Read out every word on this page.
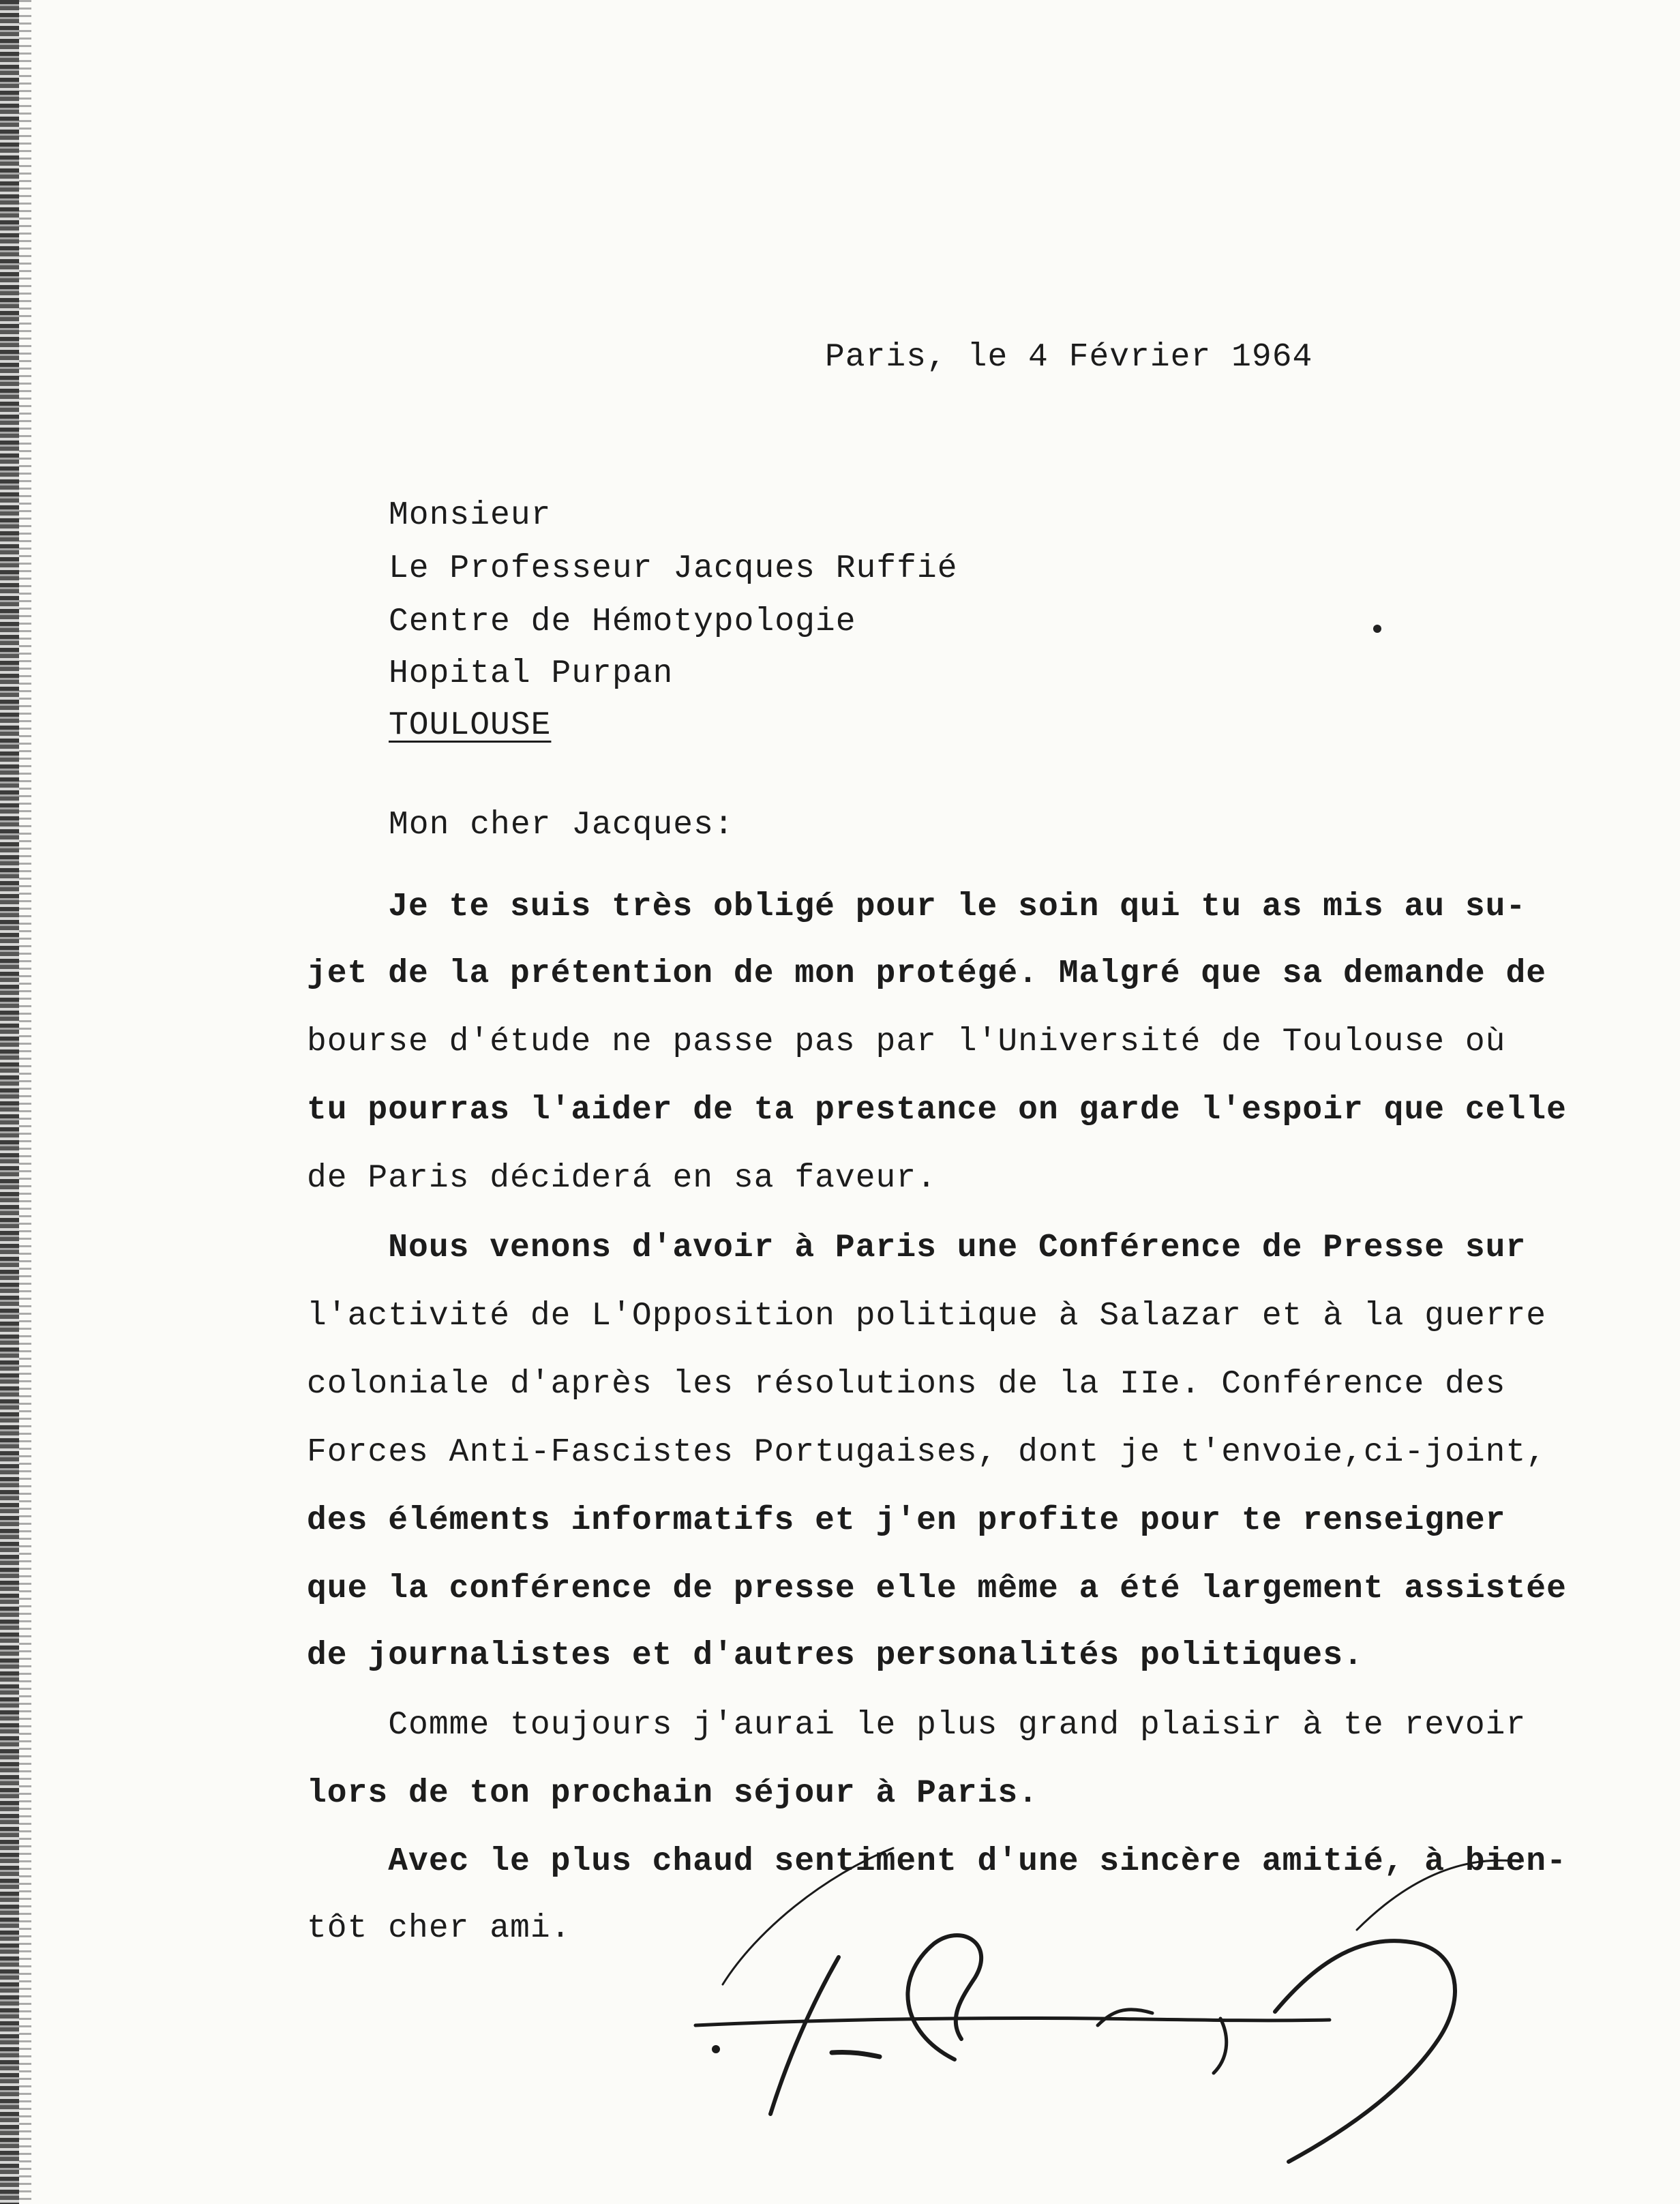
Paris, le 4 Février 1964
Monsieur
Le Professeur Jacques Ruffié
Centre de Hémotypologie
Hopital Purpan
TOULOUSE
Mon cher Jacques:
Je te suis très obligé pour le soin qui tu as mis au su-
jet de la prétention de mon protégé. Malgré que sa demande de
bourse d'étude ne passe pas par l'Université de Toulouse où
tu pourras l'aider de ta prestance on garde l'espoir que celle
de Paris déciderá en sa faveur.
Nous venons d'avoir à Paris une Conférence de Presse sur
l'activité de L'Opposition politique à Salazar et à la guerre
coloniale d'après les résolutions de la IIe. Conférence des
Forces Anti-Fascistes Portugaises, dont je t'envoie,ci-joint,
des éléments informatifs et j'en profite pour te renseigner
que la conférence de presse elle même a été largement assistée
de journalistes et d'autres personalités politiques.
Comme toujours j'aurai le plus grand plaisir à te revoir
lors de ton prochain séjour à Paris.
Avec le plus chaud sentiment d'une sincère amitié, à bien-
tôt cher ami.
